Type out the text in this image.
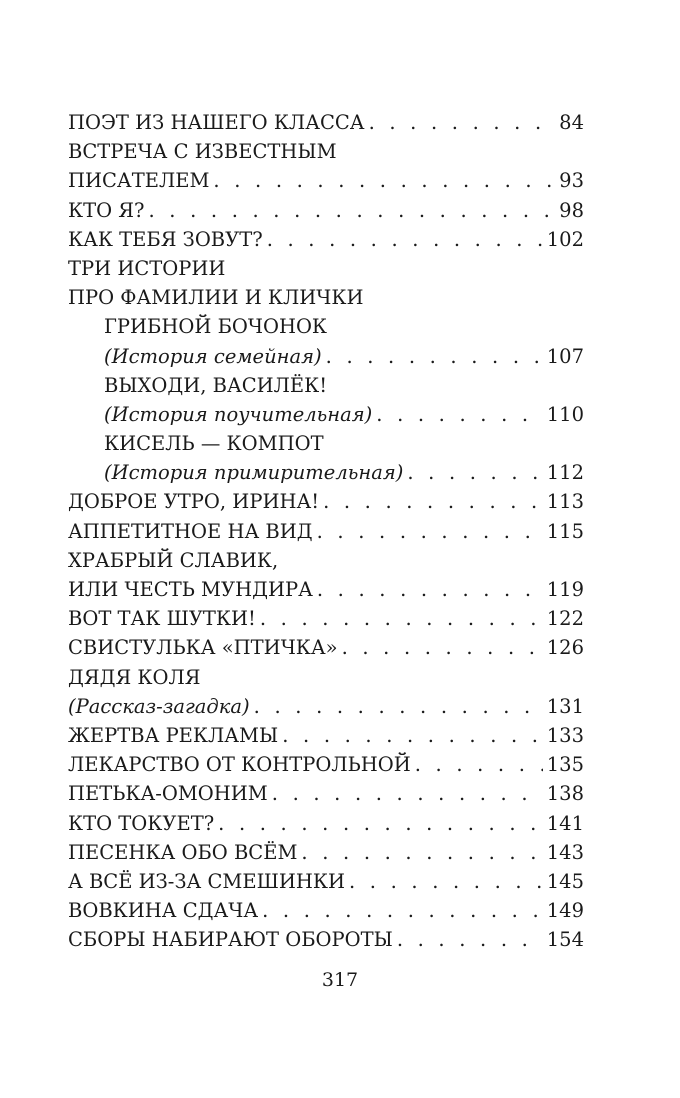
ПОЭТ ИЗ НАШЕГО КЛАССА . . .	84
ВСТРЕЧА С ИЗВЕСТНЫМ
ПИСАТЕЛЕМ . . .	93
КТО Я? . . .	98
КАК ТЕБЯ ЗОВУТ? . . .	102
ТРИ ИСТОРИИ
ПРО ФАМИЛИИ И КЛИЧКИ
ГРИБНОЙ БОЧОНОК
(История семейная) . . .	107
ВЫХОДИ, ВАСИЛЁК!
(История поучительная) . . .	110
КИСЕЛЬ — КОМПОТ
(История примирительная) . . .	112
ДОБРОЕ УТРО, ИРИНА! . . .	113
АППЕТИТНОЕ НА ВИД . . .	115
ХРАБРЫЙ СЛАВИК,
ИЛИ ЧЕСТЬ МУНДИРА . . .	119
ВОТ ТАК ШУТКИ! . . .	122
СВИСТУЛЬКА «ПТИЧКА» . . .	126
ДЯДЯ КОЛЯ
(Рассказ-загадка) . . .	131
ЖЕРТВА РЕКЛАМЫ . . .	133
ЛЕКАРСТВО ОТ КОНТРОЛЬНОЙ . . .	135
ПЕТЬКА-ОМОНИМ . . .	138
КТО ТОКУЕТ? . . .	141
ПЕСЕНКА ОБО ВСЁМ . . .	143
А ВСЁ ИЗ-ЗА СМЕШИНКИ . . .	145
ВОВКИНА СДАЧА . . .	149
СБОРЫ НАБИРАЮТ ОБОРОТЫ . . .	154
317
